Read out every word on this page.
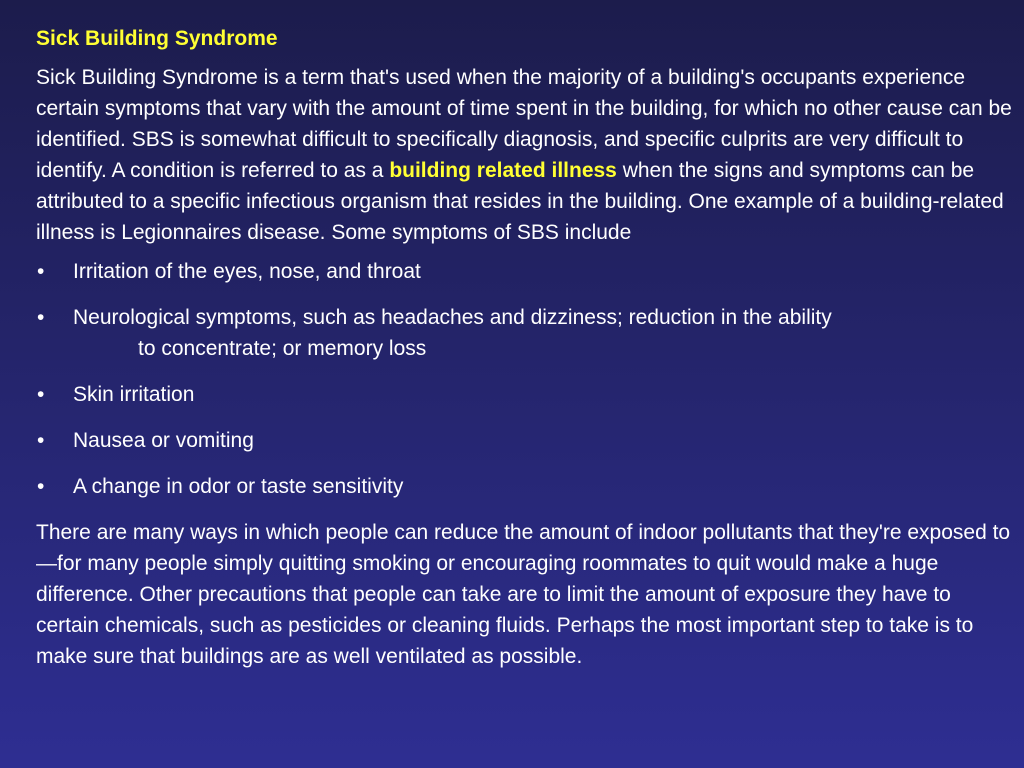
Sick Building Syndrome

Sick Building Syndrome is a term that's used when the majority of a building's occupants experience certain symptoms that vary with the amount of time spent in the building, for which no other cause can be identified. SBS is somewhat difficult to specifically diagnosis, and specific culprits are very difficult to identify. A condition is referred to as a building related illness when the signs and symptoms can be attributed to a specific infectious organism that resides in the building. One example of a building-related illness is Legionnaires disease. Some symptoms of SBS include

• Irritation of the eyes, nose, and throat
• Neurological symptoms, such as headaches and dizziness; reduction in the ability
to concentrate; or memory loss
• Skin irritation
• Nausea or vomiting
• A change in odor or taste sensitivity

There are many ways in which people can reduce the amount of indoor pollutants that they're exposed to—for many people simply quitting smoking or encouraging roommates to quit would make a huge difference. Other precautions that people can take are to limit the amount of exposure they have to certain chemicals, such as pesticides or cleaning fluids. Perhaps the most important step to take is to make sure that buildings are as well ventilated as possible.
